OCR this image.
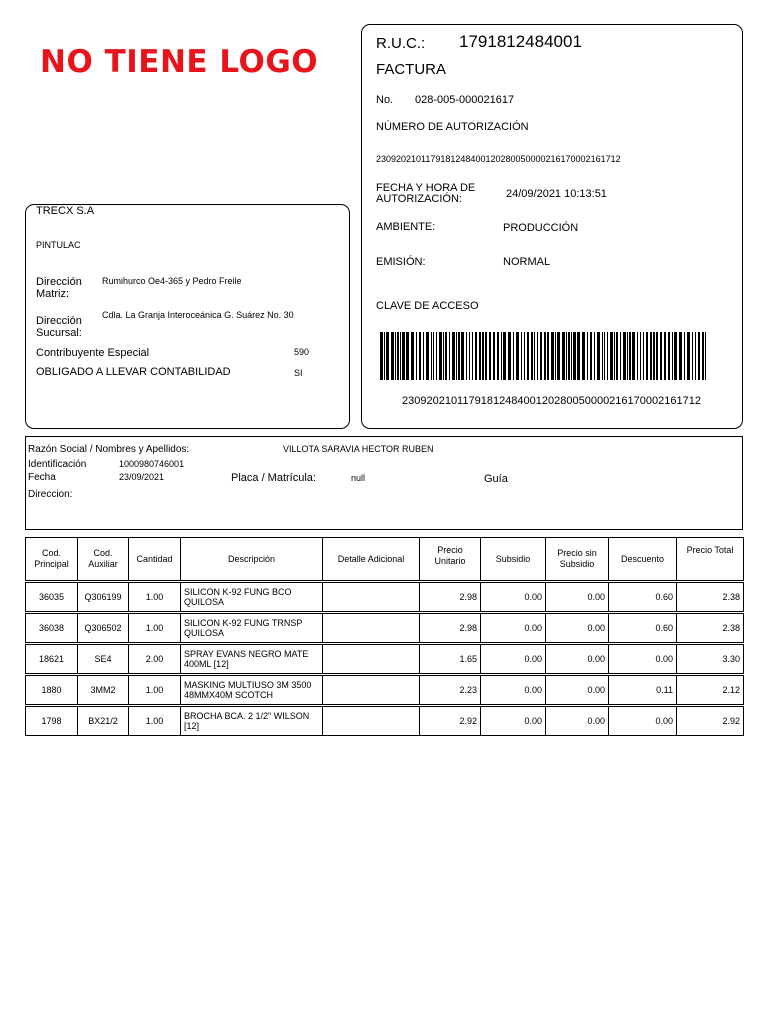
NO TIENE LOGO
R.U.C.: 1791812484001
FACTURA
No. 028-005-000021617
NÚMERO DE AUTORIZACIÓN
2309202101179181248400120280050000216170002161712
FECHA Y HORA DE
AUTORIZACIÓN:	24/09/2021 10:13:51
AMBIENTE:	PRODUCCIÓN
EMISIÓN:	NORMAL
CLAVE DE ACCESO
2309202101179181248400120280050000216170002161712
TRECX S.A
PINTULAC
Dirección
Matriz:
Rumihurco Oe4-365 y Pedro Freile
Dirección
Sucursal:
Cdla. La Granja Interoceánica G. Suárez No. 30
Contribuyente Especial	590
OBLIGADO A LLEVAR CONTABILIDAD	SI
Razón Social / Nombres y Apellidos:	VILLOTA SARAVIA HECTOR RUBEN
Identificación	1000980746001
Fecha	23/09/2021	Placa / Matrícula:	null	Guía
Direccion:
Cod. Principal	Cod. Auxiliar	Cantidad	Descripción	Detalle Adicional	Precio Unitario	Subsidio	Precio sin Subsidio	Descuento	Precio Total

36035	Q306199	1.00	SILICON K-92 FUNG BCO QUILOSA		2.98	0.00	0.00	0.60	2.38

36038	Q306502	1.00	SILICON K-92 FUNG TRNSP QUILOSA		2.98	0.00	0.00	0.60	2.38

18621	SE4	2.00	SPRAY EVANS NEGRO MATE 400ML [12]		1.65	0.00	0.00	0.00	3.30

1880	3MM2	1.00	MASKING MULTIUSO 3M 3500 48MMX40M SCOTCH		2.23	0.00	0.00	0.11	2.12

1798	BX21/2	1.00	BROCHA BCA. 2 1/2" WILSON [12]		2.92	0.00	0.00	0.00	2.92
